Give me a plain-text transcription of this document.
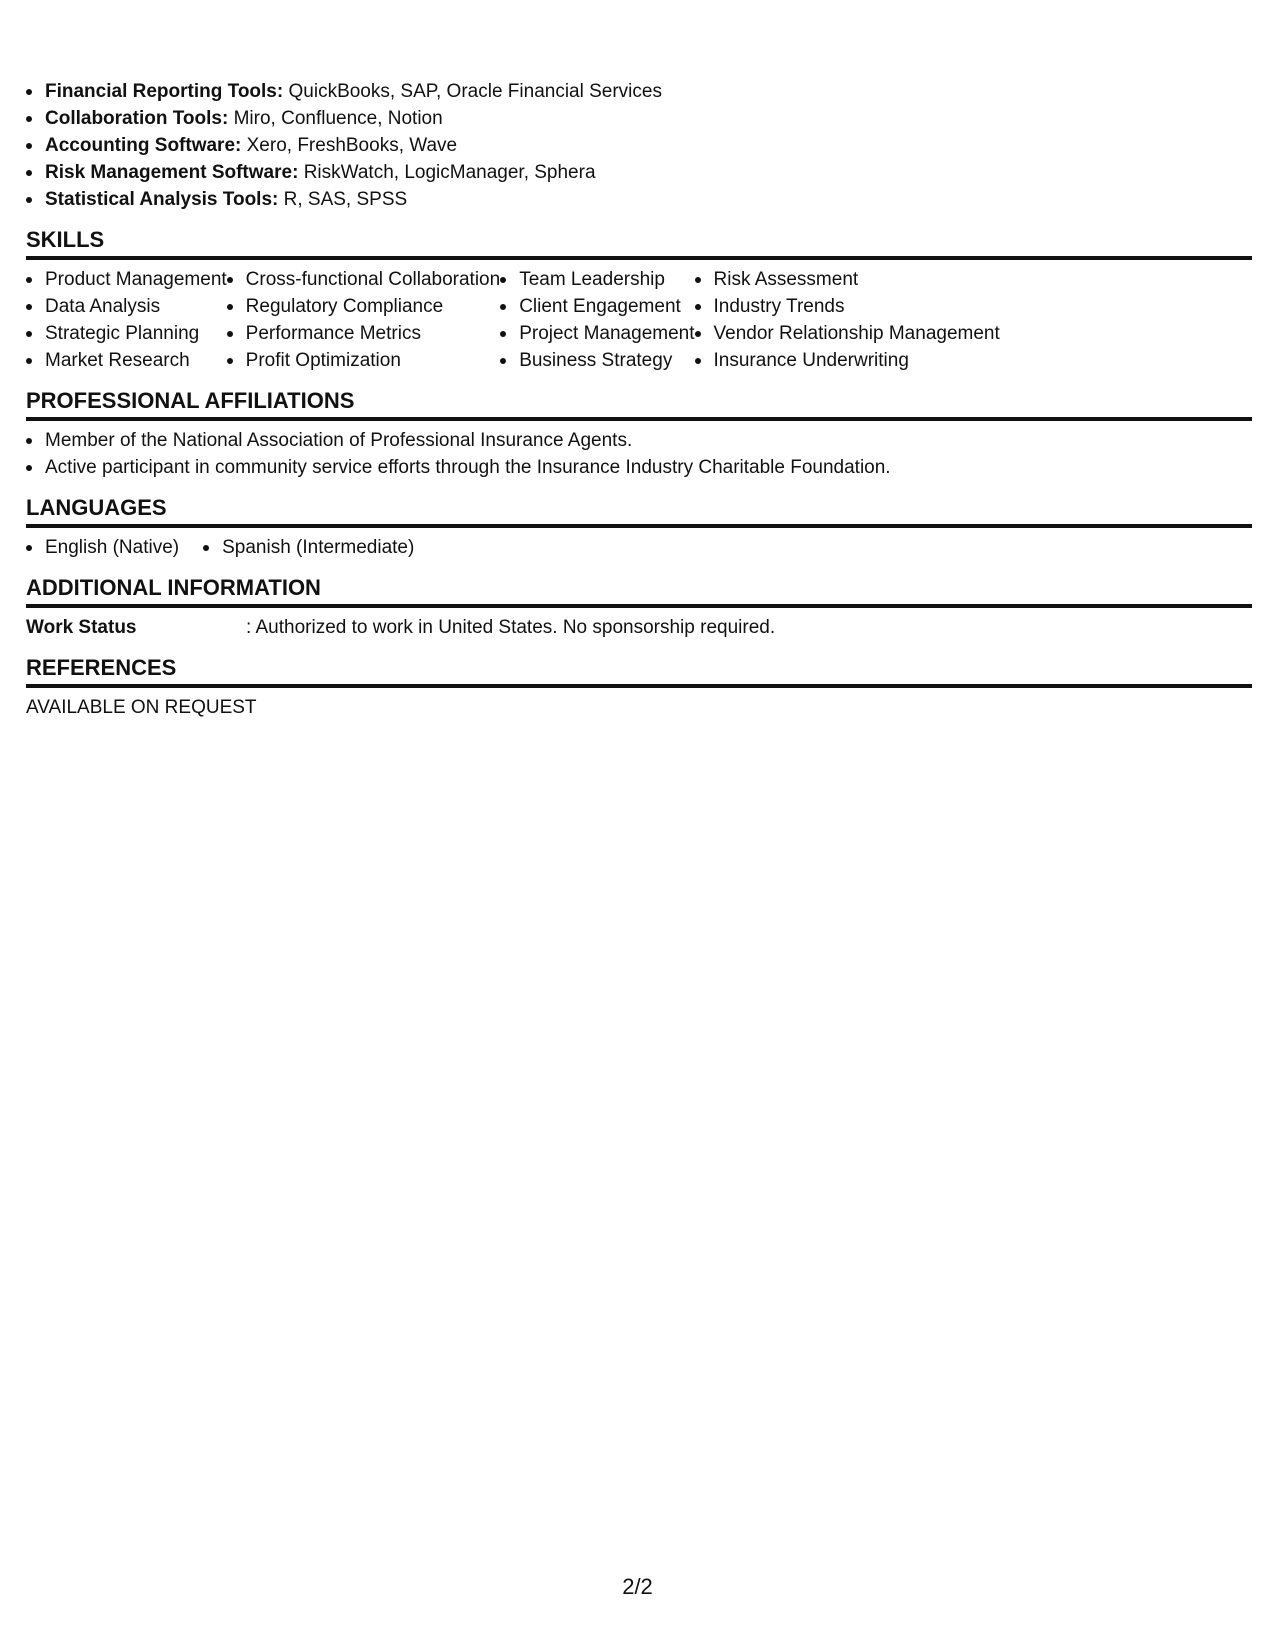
Financial Reporting Tools: QuickBooks, SAP, Oracle Financial Services
Collaboration Tools: Miro, Confluence, Notion
Accounting Software: Xero, FreshBooks, Wave
Risk Management Software: RiskWatch, LogicManager, Sphera
Statistical Analysis Tools: R, SAS, SPSS
SKILLS
Product Management
Data Analysis
Strategic Planning
Market Research
Cross-functional Collaboration
Regulatory Compliance
Performance Metrics
Profit Optimization
Team Leadership
Client Engagement
Project Management
Business Strategy
Risk Assessment
Industry Trends
Vendor Relationship Management
Insurance Underwriting
PROFESSIONAL AFFILIATIONS
Member of the National Association of Professional Insurance Agents.
Active participant in community service efforts through the Insurance Industry Charitable Foundation.
LANGUAGES
English (Native)	Spanish (Intermediate)
ADDITIONAL INFORMATION
Work Status	: Authorized to work in United States. No sponsorship required.
REFERENCES
AVAILABLE ON REQUEST
2/2
